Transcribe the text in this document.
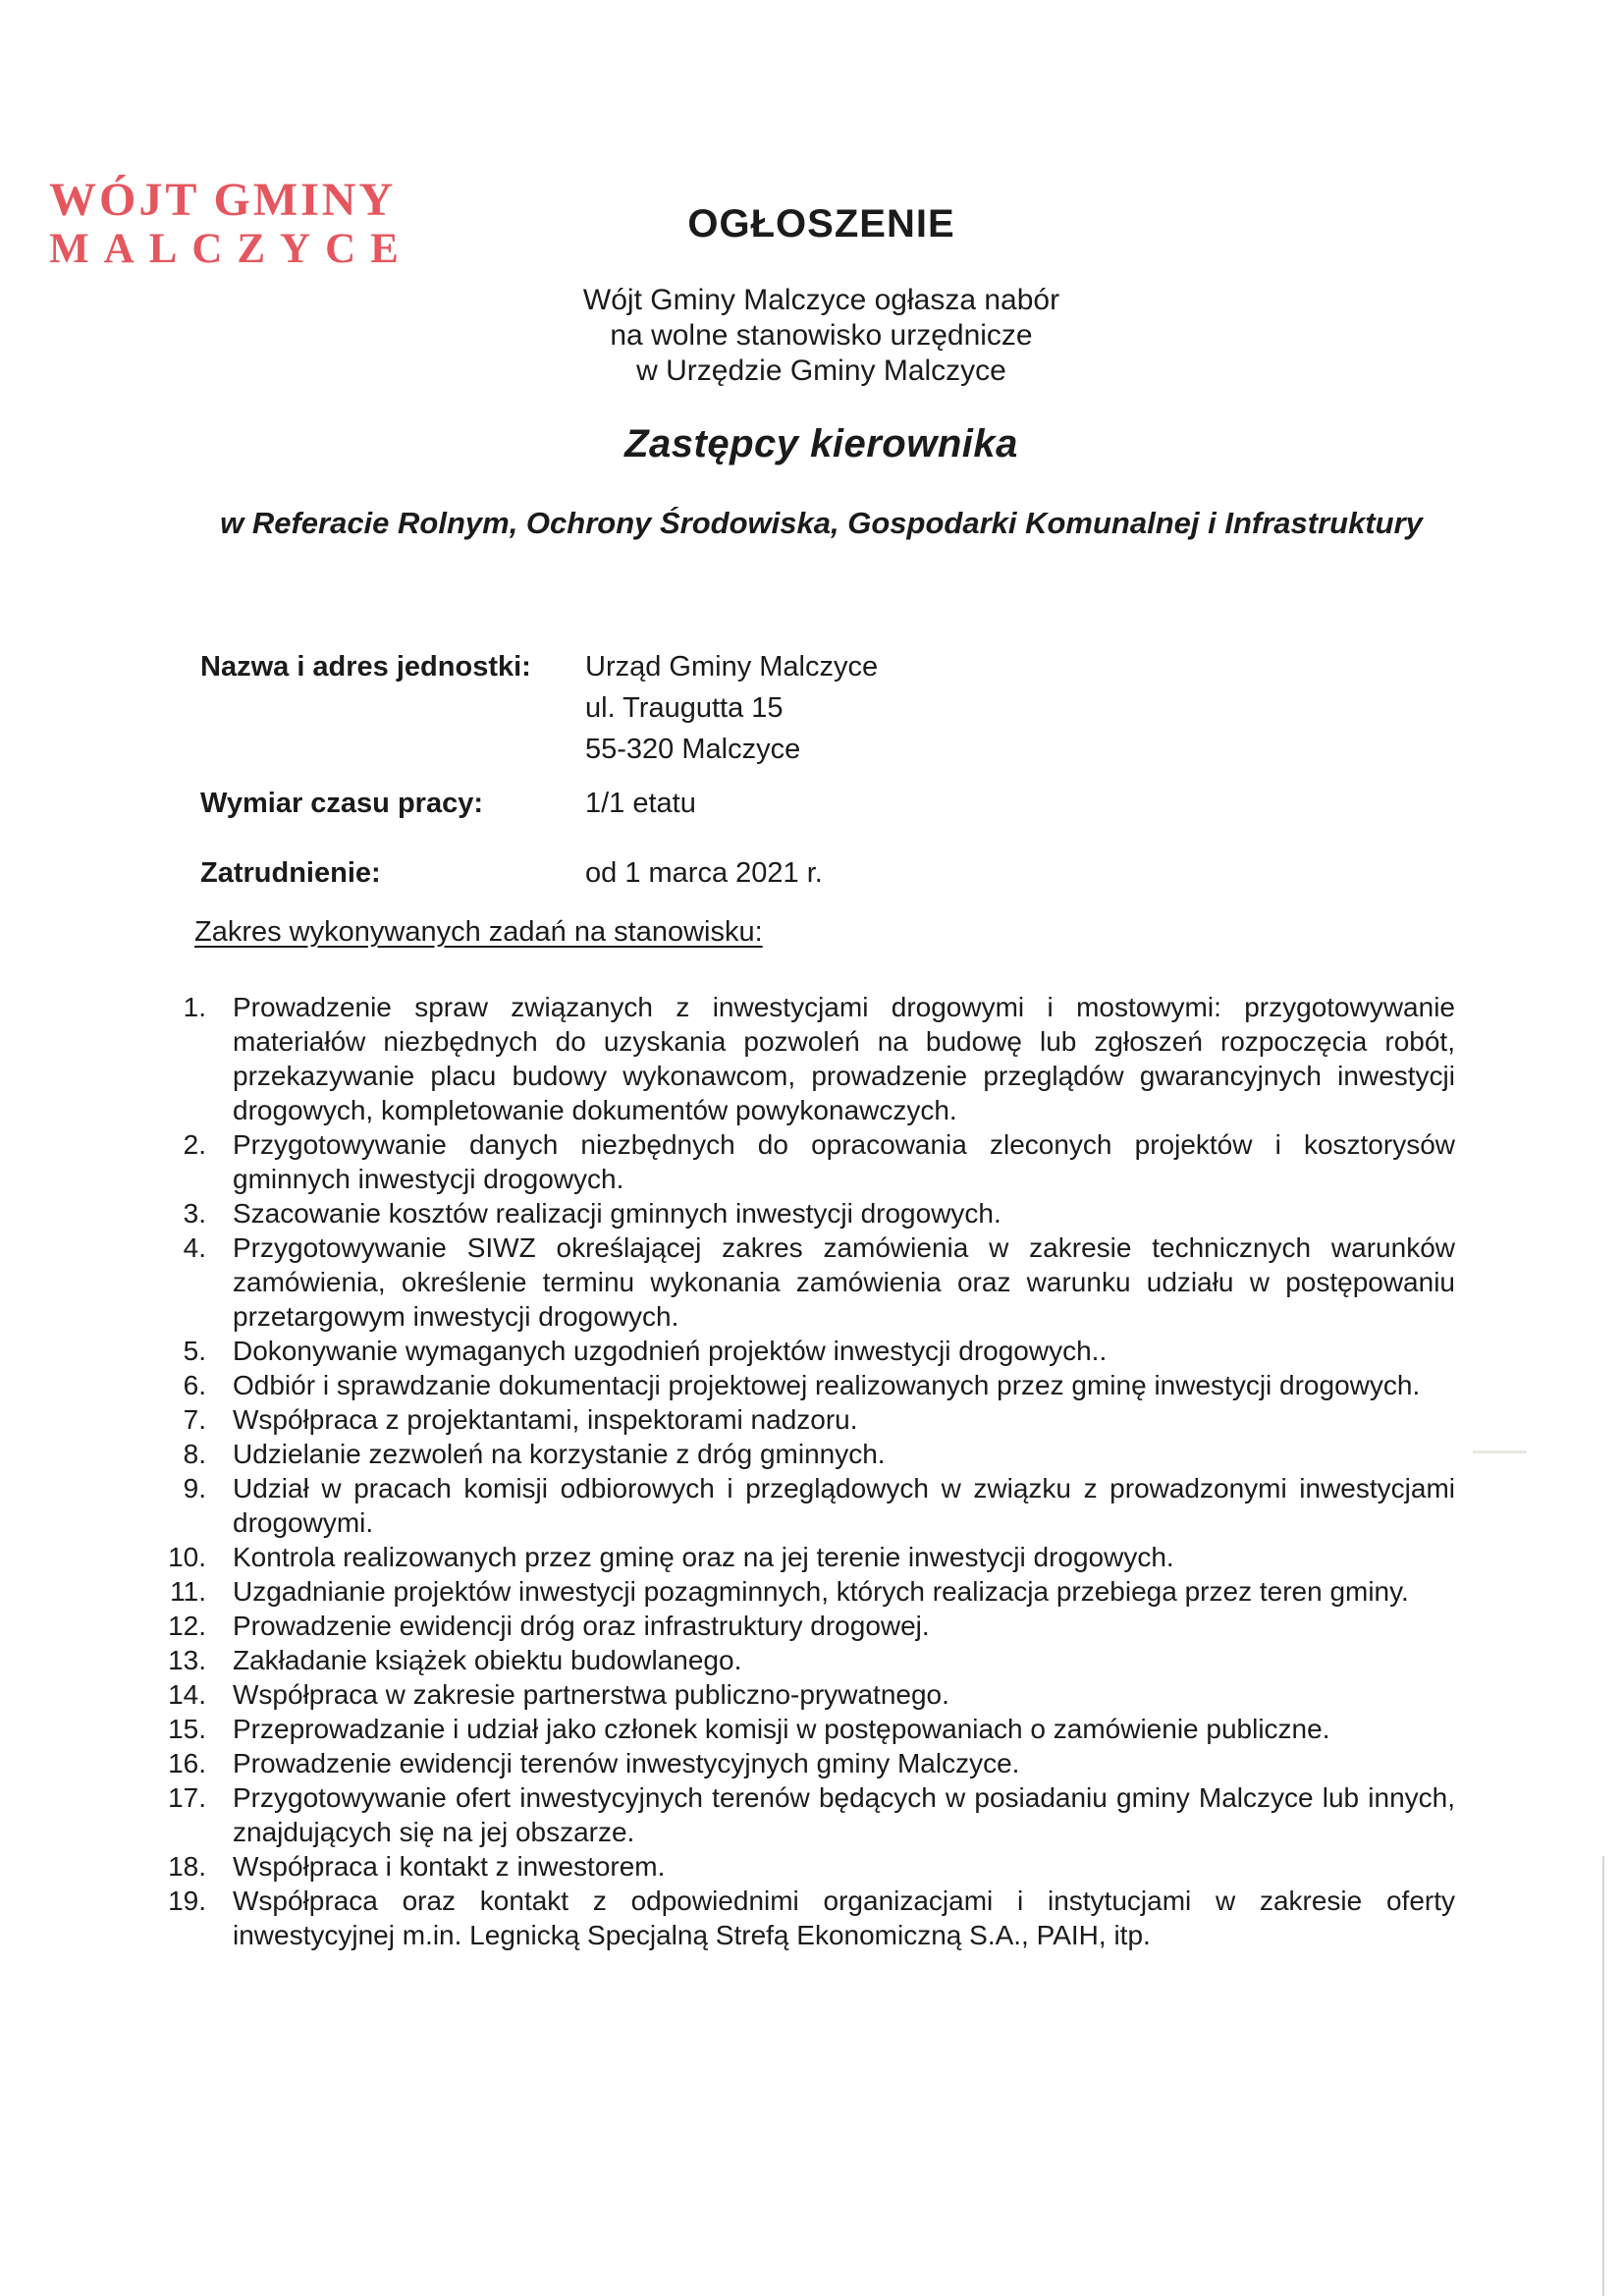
WÓJT GMINY
MALCZYCE
OGŁOSZENIE
Wójt Gminy Malczyce ogłasza nabór
na wolne stanowisko urzędnicze
w Urzędzie Gminy Malczyce
Zastępcy kierownika
w Referacie Rolnym, Ochrony Środowiska, Gospodarki Komunalnej i Infrastruktury
Nazwa i adres jednostki:	Urząd Gminy Malczyce
ul. Traugutta 15
55-320 Malczyce
Wymiar czasu pracy:	1/1 etatu
Zatrudnienie:	od 1 marca 2021 r.
Zakres wykonywanych zadań na stanowisku:
1. Prowadzenie spraw związanych z inwestycjami drogowymi i mostowymi: przygotowywanie materiałów niezbędnych do uzyskania pozwoleń na budowę lub zgłoszeń rozpoczęcia robót, przekazywanie placu budowy wykonawcom, prowadzenie przeglądów gwarancyjnych inwestycji drogowych, kompletowanie dokumentów powykonawczych.
2. Przygotowywanie danych niezbędnych do opracowania zleconych projektów i kosztorysów gminnych inwestycji drogowych.
3. Szacowanie kosztów realizacji gminnych inwestycji drogowych.
4. Przygotowywanie SIWZ określającej zakres zamówienia w zakresie technicznych warunków zamówienia, określenie terminu wykonania zamówienia oraz warunku udziału w postępowaniu przetargowym inwestycji drogowych.
5. Dokonywanie wymaganych uzgodnień projektów inwestycji drogowych..
6. Odbiór i sprawdzanie dokumentacji projektowej realizowanych przez gminę inwestycji drogowych.
7. Współpraca z projektantami, inspektorami nadzoru.
8. Udzielanie zezwoleń na korzystanie z dróg gminnych.
9. Udział w pracach komisji odbiorowych i przeglądowych w związku z prowadzonymi inwestycjami drogowymi.
10. Kontrola realizowanych przez gminę oraz na jej terenie inwestycji drogowych.
11. Uzgadnianie projektów inwestycji pozagminnych, których realizacja przebiega przez teren gminy.
12. Prowadzenie ewidencji dróg oraz infrastruktury drogowej.
13. Zakładanie książek obiektu budowlanego.
14. Współpraca w zakresie partnerstwa publiczno-prywatnego.
15. Przeprowadzanie i udział jako członek komisji w postępowaniach o zamówienie publiczne.
16. Prowadzenie ewidencji terenów inwestycyjnych gminy Malczyce.
17. Przygotowywanie ofert inwestycyjnych terenów będących w posiadaniu gminy Malczyce lub innych, znajdujących się na jej obszarze.
18. Współpraca i kontakt z inwestorem.
19. Współpraca oraz kontakt z odpowiednimi organizacjami i instytucjami w zakresie oferty inwestycyjnej m.in. Legnicką Specjalną Strefą Ekonomiczną S.A., PAIH, itp.
